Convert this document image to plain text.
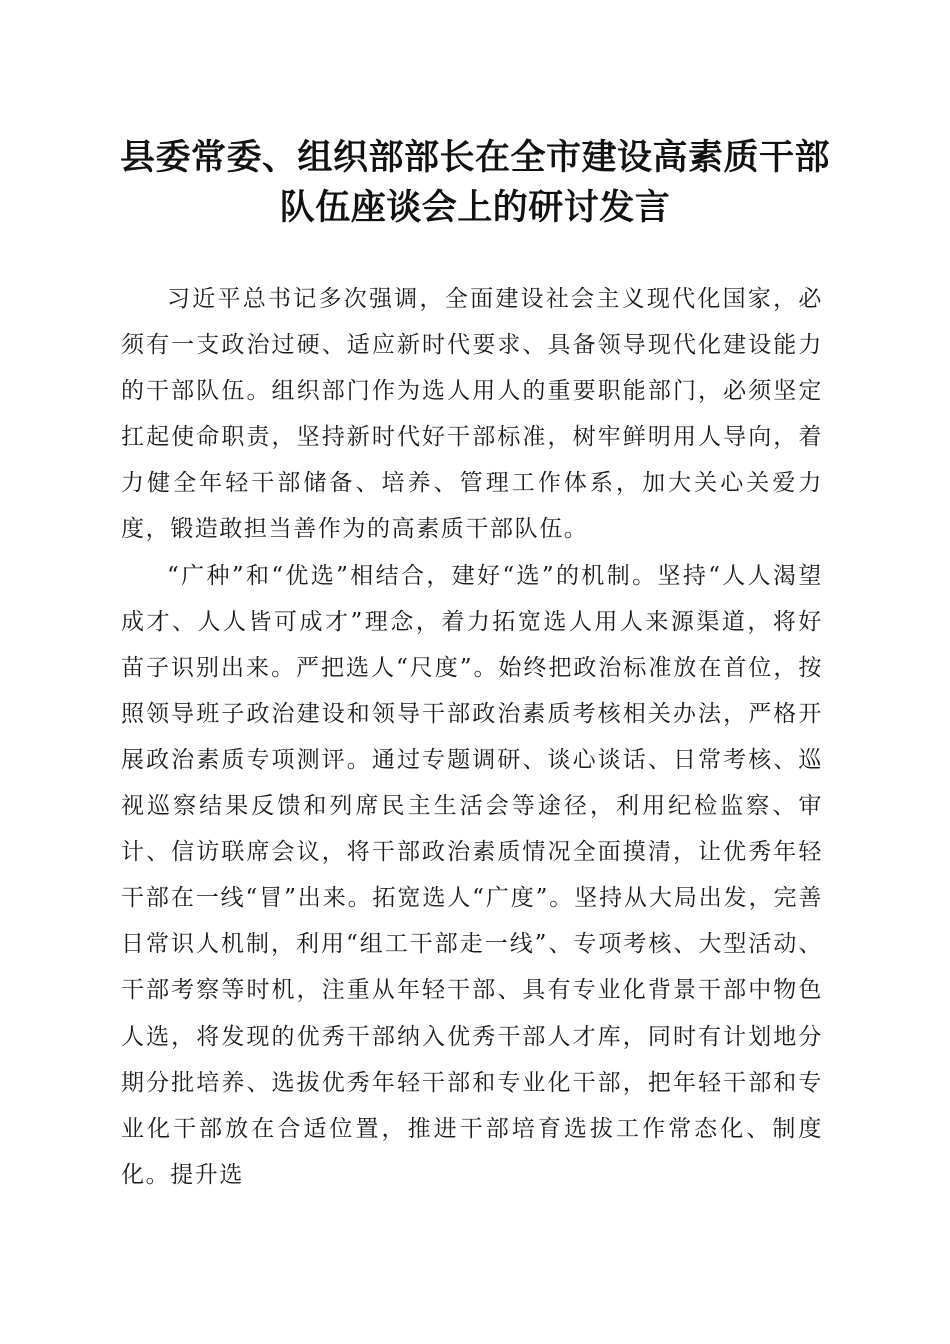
县委常委、组织部部长在全市建设高素质干部
队伍座谈会上的研讨发言

习近平总书记多次强调，全面建设社会主义现代化国家，必须有一支政治过硬、适应新时代要求、具备领导现代化建设能力的干部队伍。组织部门作为选人用人的重要职能部门，必须坚定扛起使命职责，坚持新时代好干部标准，树牢鲜明用人导向，着力健全年轻干部储备、培养、管理工作体系，加大关心关爱力度，锻造敢担当善作为的高素质干部队伍。

“广种”和“优选”相结合，建好“选”的机制。坚持“人人渴望成才、人人皆可成才”理念，着力拓宽选人用人来源渠道，将好苗子识别出来。严把选人“尺度”。始终把政治标准放在首位，按照领导班子政治建设和领导干部政治素质考核相关办法，严格开展政治素质专项测评。通过专题调研、谈心谈话、日常考核、巡视巡察结果反馈和列席民主生活会等途径，利用纪检监察、审计、信访联席会议，将干部政治素质情况全面摸清，让优秀年轻干部在一线“冒”出来。拓宽选人“广度”。坚持从大局出发，完善日常识人机制，利用“组工干部走一线”、专项考核、大型活动、干部考察等时机，注重从年轻干部、具有专业化背景干部中物色人选，将发现的优秀干部纳入优秀干部人才库，同时有计划地分期分批培养、选拔优秀年轻干部和专业化干部，把年轻干部和专业化干部放在合适位置，推进干部培育选拔工作常态化、制度化。提升选
